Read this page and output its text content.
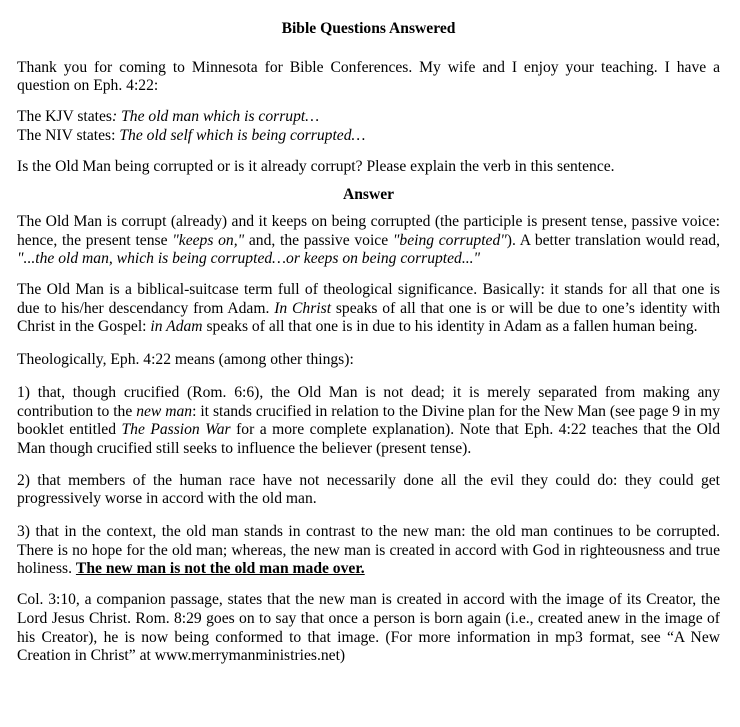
Bible Questions Answered

Thank you for coming to Minnesota for Bible Conferences. My wife and I enjoy your teaching. I have a question on Eph. 4:22:

The KJV states: The old man which is corrupt…
The NIV states: The old self which is being corrupted…

Is the Old Man being corrupted or is it already corrupt? Please explain the verb in this sentence.

Answer

The Old Man is corrupt (already) and it keeps on being corrupted (the participle is present tense, passive voice: hence, the present tense "keeps on," and, the passive voice "being corrupted"). A better translation would read, "...the old man, which is being corrupted…or keeps on being corrupted..."

The Old Man is a biblical-suitcase term full of theological significance. Basically: it stands for all that one is due to his/her descendancy from Adam. In Christ speaks of all that one is or will be due to one’s identity with Christ in the Gospel: in Adam speaks of all that one is in due to his identity in Adam as a fallen human being.

Theologically, Eph. 4:22 means (among other things):

1) that, though crucified (Rom. 6:6), the Old Man is not dead; it is merely separated from making any contribution to the new man: it stands crucified in relation to the Divine plan for the New Man (see page 9 in my booklet entitled The Passion War for a more complete explanation). Note that Eph. 4:22 teaches that the Old Man though crucified still seeks to influence the believer (present tense).

2) that members of the human race have not necessarily done all the evil they could do: they could get progressively worse in accord with the old man.

3) that in the context, the old man stands in contrast to the new man: the old man continues to be corrupted. There is no hope for the old man; whereas, the new man is created in accord with God in righteousness and true holiness. The new man is not the old man made over.

Col. 3:10, a companion passage, states that the new man is created in accord with the image of its Creator, the Lord Jesus Christ. Rom. 8:29 goes on to say that once a person is born again (i.e., created anew in the image of his Creator), he is now being conformed to that image. (For more information in mp3 format, see “A New Creation in Christ” at www.merrymanministries.net)
